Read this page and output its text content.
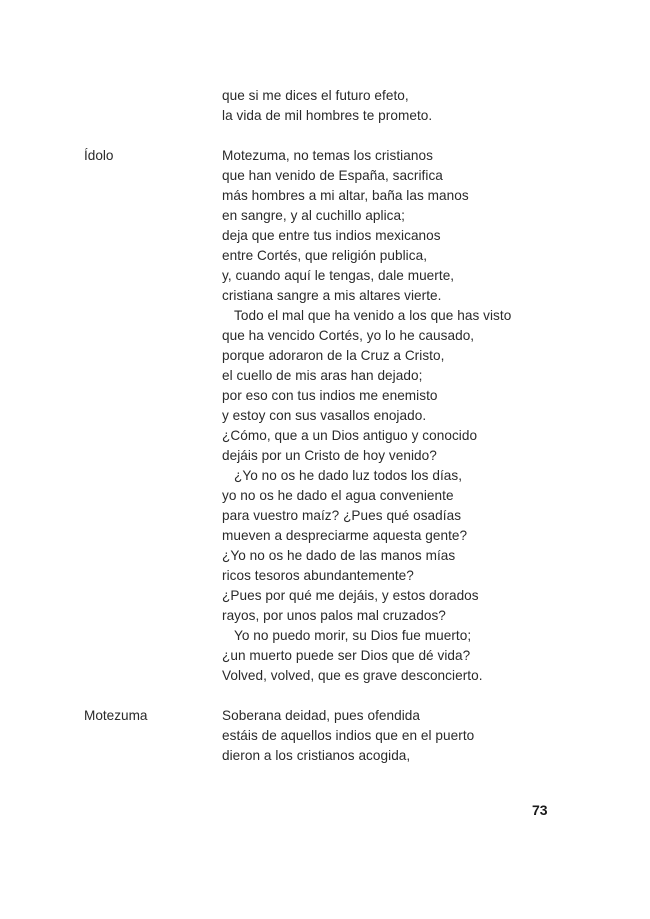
que si me dices el futuro efeto,
la vida de mil hombres te prometo.
Ídolo	Motezuma, no temas los cristianos
que han venido de España, sacrifica
más hombres a mi altar, baña las manos
en sangre, y al cuchillo aplica;
deja que entre tus indios mexicanos
entre Cortés, que religión publica,
y, cuando aquí le tengas, dale muerte,
cristiana sangre a mis altares vierte.
Todo el mal que ha venido a los que has visto
que ha vencido Cortés, yo lo he causado,
porque adoraron de la Cruz a Cristo,
el cuello de mis aras han dejado;
por eso con tus indios me enemisto
y estoy con sus vasallos enojado.
¿Cómo, que a un Dios antiguo y conocido
dejáis por un Cristo de hoy venido?
¿Yo no os he dado luz todos los días,
yo no os he dado el agua conveniente
para vuestro maíz? ¿Pues qué osadías
mueven a despreciarme aquesta gente?
¿Yo no os he dado de las manos mías
ricos tesoros abundantemente?
¿Pues por qué me dejáis, y estos dorados
rayos, por unos palos mal cruzados?
Yo no puedo morir, su Dios fue muerto;
¿un muerto puede ser Dios que dé vida?
Volved, volved, que es grave desconcierto.
Motezuma	Soberana deidad, pues ofendida
estáis de aquellos indios que en el puerto
dieron a los cristianos acogida,
73
